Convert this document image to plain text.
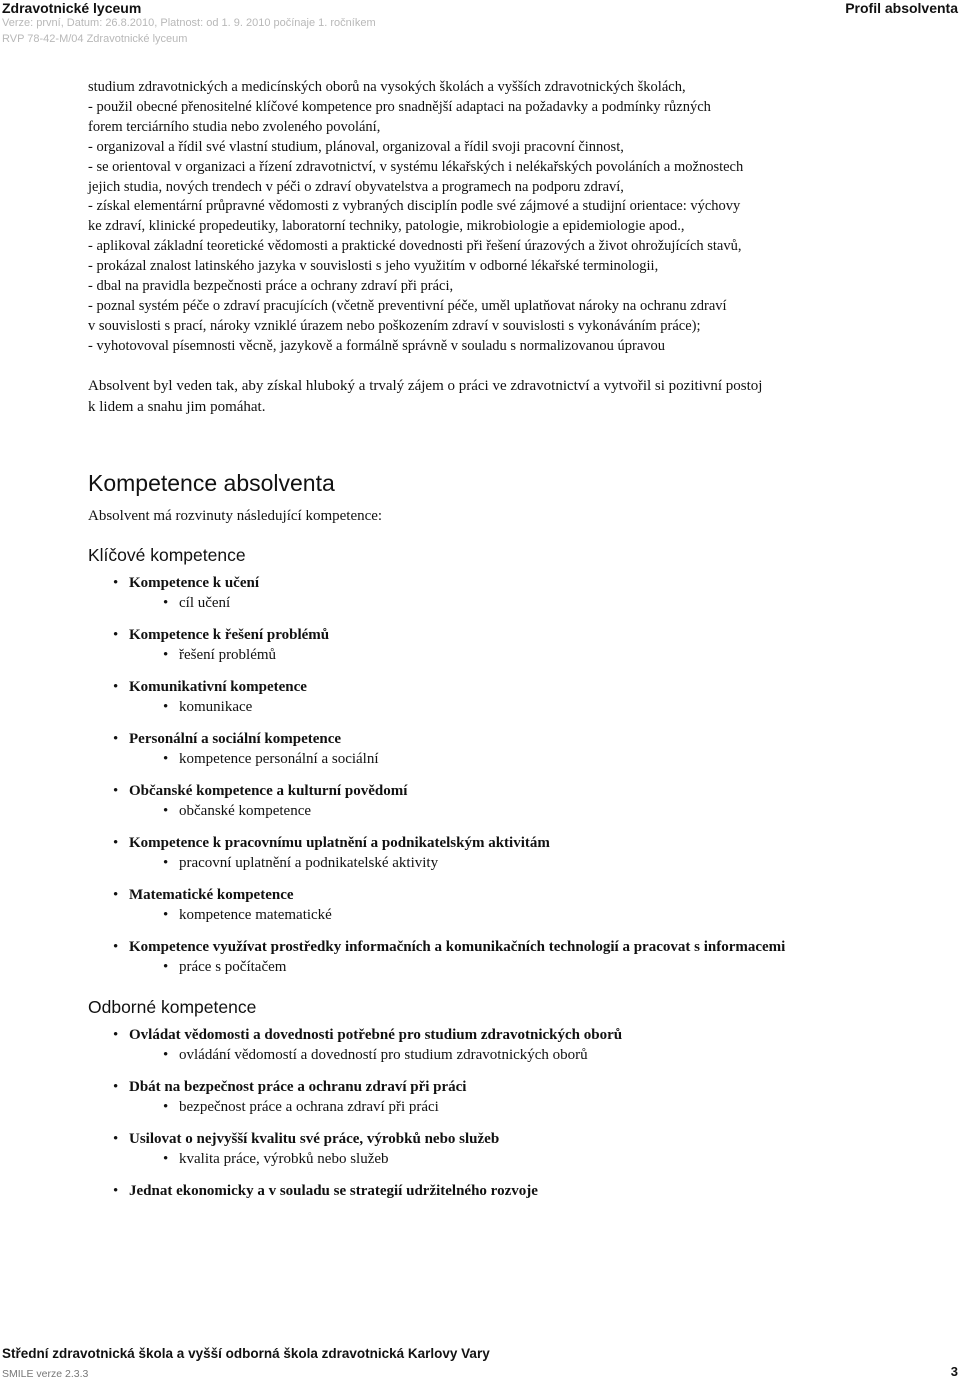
Zdravotnické lyceum
Verze: první, Datum: 26.8.2010, Platnost: od 1. 9. 2010 počínaje 1. ročníkem
RVP 78-42-M/04 Zdravotnické lyceum
Profil absolventa
studium zdravotnických a medicínských oborů na vysokých školách a vyšších zdravotnických školách,
- použil obecné přenositelné klíčové kompetence pro snadnější adaptaci na požadavky a podmínky různých
forem terciárního studia nebo zvoleného povolání,
- organizoval a řídil své vlastní studium, plánoval, organizoval a řídil svoji pracovní činnost,
- se orientoval v organizaci a řízení zdravotnictví, v systému lékařských i nelékařských povoláních a možnostech
jejich studia, nových trendech v péči o zdraví obyvatelstva a programech na podporu zdraví,
- získal elementární průpravné vědomosti z vybraných disciplín podle své zájmové a studijní orientace: výchovy
ke zdraví, klinické propedeutiky, laboratorní techniky, patologie, mikrobiologie a epidemiologie apod.,
- aplikoval základní teoretické vědomosti a praktické dovednosti při řešení úrazových a život ohrožujících stavů,
- prokázal znalost latinského jazyka v souvislosti s jeho využitím v odborné lékařské terminologii,
- dbal na pravidla bezpečnosti práce a ochrany zdraví při práci,
- poznal systém péče o zdraví pracujících (včetně preventivní péče, uměl uplatňovat nároky na ochranu zdraví
v souvislosti s prací, nároky vzniklé úrazem nebo poškozením zdraví v souvislosti s vykonáváním práce);
- vyhotovoval písemnosti věcně, jazykově a formálně správně v souladu s normalizovanou úpravou
Absolvent byl veden tak, aby získal hluboký a trvalý zájem o práci ve zdravotnictví a vytvořil si pozitivní postoj
k lidem a snahu jim pomáhat.
Kompetence absolventa
Absolvent má rozvinuty následující kompetence:
Klíčové kompetence
• Kompetence k učení
• cíl učení
• Kompetence k řešení problémů
• řešení problémů
• Komunikativní kompetence
• komunikace
• Personální a sociální kompetence
• kompetence personální a sociální
• Občanské kompetence a kulturní povědomí
• občanské kompetence
• Kompetence k pracovnímu uplatnění a podnikatelským aktivitám
• pracovní uplatnění a podnikatelské aktivity
• Matematické kompetence
• kompetence matematické
• Kompetence využívat prostředky informačních a komunikačních technologií a pracovat s informacemi
• práce s počítačem
Odborné kompetence
• Ovládat vědomosti a dovednosti potřebné pro studium zdravotnických oborů
• ovládání vědomostí a dovedností pro studium zdravotnických oborů
• Dbát na bezpečnost práce a ochranu zdraví při práci
• bezpečnost práce a ochrana zdraví při práci
• Usilovat o nejvyšší kvalitu své práce, výrobků nebo služeb
• kvalita práce, výrobků nebo služeb
• Jednat ekonomicky a v souladu se strategií udržitelného rozvoje
Střední zdravotnická škola a vyšší odborná škola zdravotnická Karlovy Vary
SMILE verze 2.3.3	3
